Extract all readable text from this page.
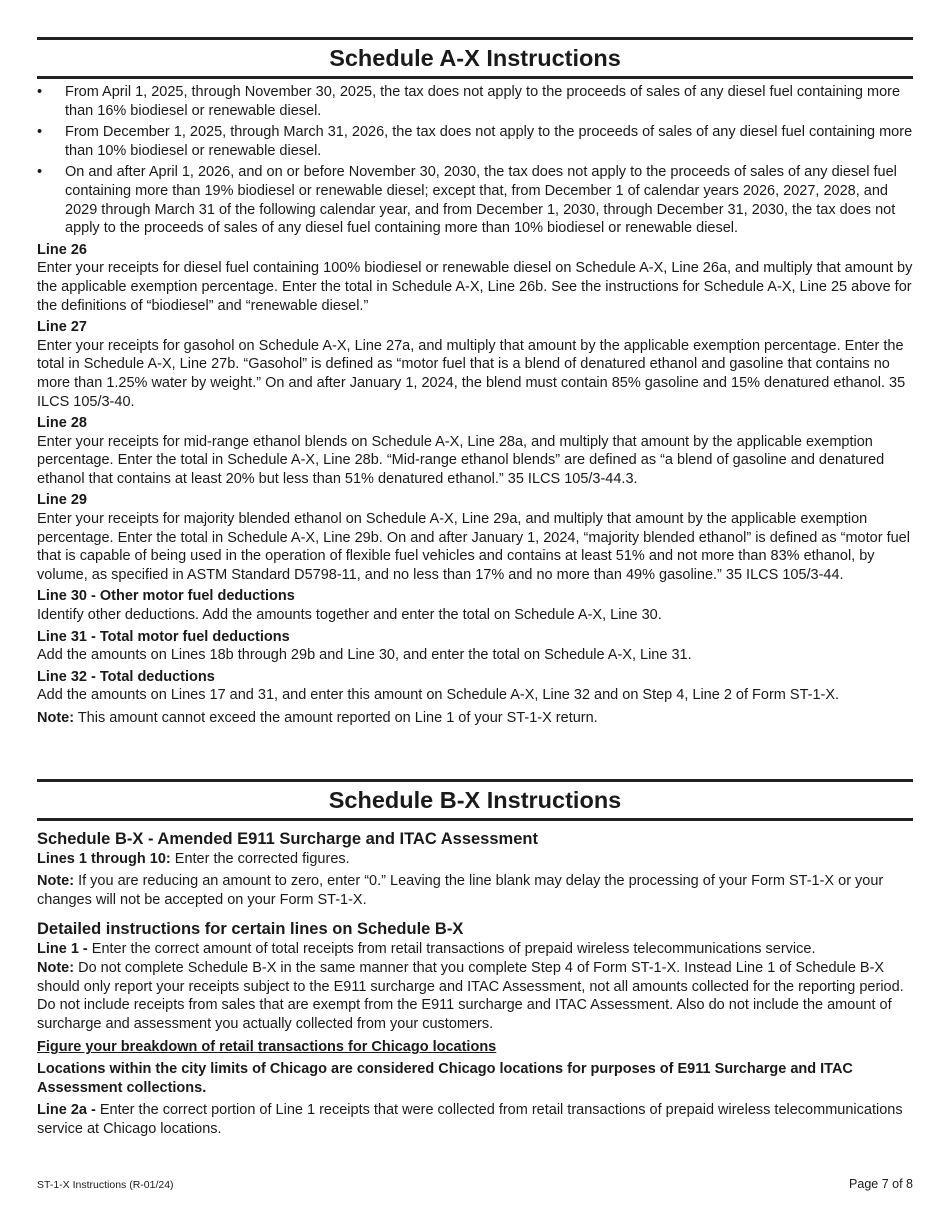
Schedule A-X Instructions
• From April 1, 2025, through November 30, 2025, the tax does not apply to the proceeds of sales of any diesel fuel containing more than 16% biodiesel or renewable diesel.
• From December 1, 2025, through March 31, 2026, the tax does not apply to the proceeds of sales of any diesel fuel containing more than 10% biodiesel or renewable diesel.
• On and after April 1, 2026, and on or before November 30, 2030, the tax does not apply to the proceeds of sales of any diesel fuel containing more than 19% biodiesel or renewable diesel; except that, from December 1 of calendar years 2026, 2027, 2028, and 2029 through March 31 of the following calendar year, and from December 1, 2030, through December 31, 2030, the tax does not apply to the proceeds of sales of any diesel fuel containing more than 10% biodiesel or renewable diesel.
Line 26

Enter your receipts for diesel fuel containing 100% biodiesel or renewable diesel on Schedule A-X, Line 26a, and multiply that amount by the applicable exemption percentage. Enter the total in Schedule A-X, Line 26b. See the instructions for Schedule A-X, Line 25 above for the definitions of “biodiesel” and “renewable diesel.”

Line 27

Enter your receipts for gasohol on Schedule A-X, Line 27a, and multiply that amount by the applicable exemption percentage. Enter the total in Schedule A-X, Line 27b. “Gasohol” is defined as “motor fuel that is a blend of denatured ethanol and gasoline that contains no more than 1.25% water by weight.” On and after January 1, 2024, the blend must contain 85% gasoline and 15% denatured ethanol. 35 ILCS 105/3-40.

Line 28

Enter your receipts for mid-range ethanol blends on Schedule A-X, Line 28a, and multiply that amount by the applicable exemption percentage. Enter the total in Schedule A-X, Line 28b. “Mid-range ethanol blends” are defined as “a blend of gasoline and denatured ethanol that contains at least 20% but less than 51% denatured ethanol.” 35 ILCS 105/3-44.3.

Line 29

Enter your receipts for majority blended ethanol on Schedule A-X, Line 29a, and multiply that amount by the applicable exemption percentage. Enter the total in Schedule A-X, Line 29b. On and after January 1, 2024, “majority blended ethanol” is defined as “motor fuel that is capable of being used in the operation of flexible fuel vehicles and contains at least 51% and not more than 83% ethanol, by volume, as specified in ASTM Standard D5798-11, and no less than 17% and no more than 49% gasoline.” 35 ILCS 105/3-44.

Line 30 - Other motor fuel deductions

Identify other deductions. Add the amounts together and enter the total on Schedule A-X, Line 30.

Line 31 - Total motor fuel deductions

Add the amounts on Lines 18b through 29b and Line 30, and enter the total on Schedule A-X, Line 31.

Line 32 - Total deductions

Add the amounts on Lines 17 and 31, and enter this amount on Schedule A-X, Line 32 and on Step 4, Line 2 of Form ST-1-X.

Note: This amount cannot exceed the amount reported on Line 1 of your ST-1-X return.
Schedule B-X Instructions
Schedule B-X - Amended E911 Surcharge and ITAC Assessment
Lines 1 through 10: Enter the corrected figures.
Note: If you are reducing an amount to zero, enter “0.” Leaving the line blank may delay the processing of your Form ST-1-X or your changes will not be accepted on your Form ST-1-X.
Detailed instructions for certain lines on Schedule B-X
Line 1 - Enter the correct amount of total receipts from retail transactions of prepaid wireless telecommunications service.
Note: Do not complete Schedule B-X in the same manner that you complete Step 4 of Form ST-1-X. Instead Line 1 of Schedule B-X should only report your receipts subject to the E911 surcharge and ITAC Assessment, not all amounts collected for the reporting period. Do not include receipts from sales that are exempt from the E911 surcharge and ITAC Assessment. Also do not include the amount of surcharge and assessment you actually collected from your customers.
Figure your breakdown of retail transactions for Chicago locations
Locations within the city limits of Chicago are considered Chicago locations for purposes of E911 Surcharge and ITAC Assessment collections.
Line 2a - Enter the correct portion of Line 1 receipts that were collected from retail transactions of prepaid wireless telecommunications service at Chicago locations.
ST-1-X Instructions (R-01/24)	Page 7 of 8
